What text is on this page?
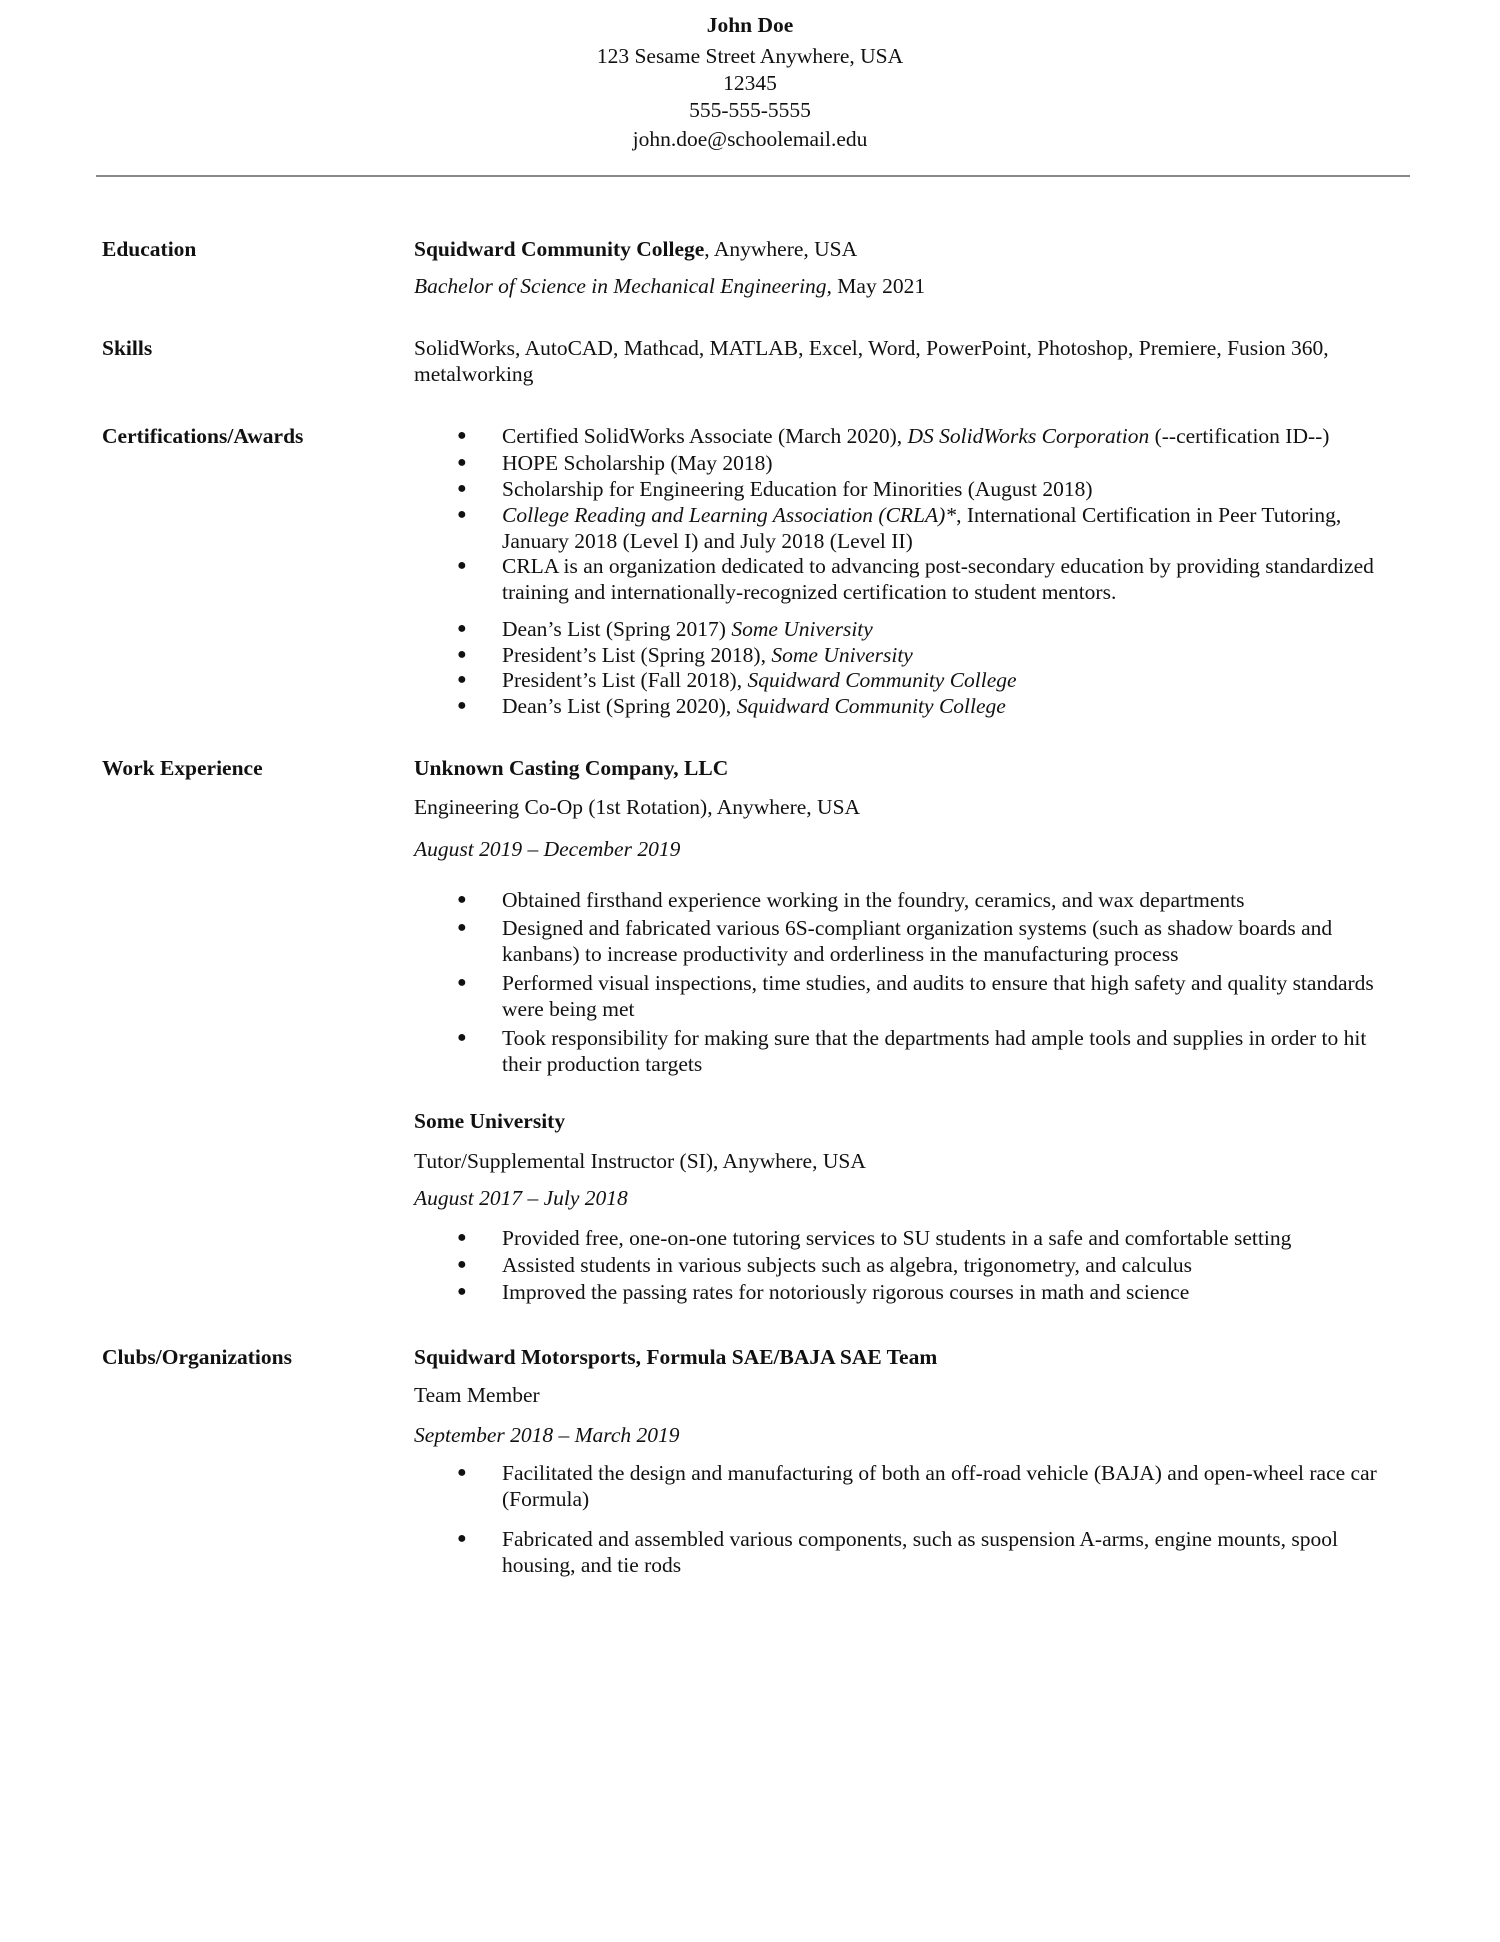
John Doe
123 Sesame Street Anywhere, USA
12345
555-555-5555
john.doe@schoolemail.edu
Education	Squidward Community College, Anywhere, USA
Bachelor of Science in Mechanical Engineering, May 2021
Skills	SolidWorks, AutoCAD, Mathcad, MATLAB, Excel, Word, PowerPoint, Photoshop, Premiere, Fusion 360, metalworking
Certifications/Awards	● Certified SolidWorks Associate (March 2020), DS SolidWorks Corporation (--certification ID--)
● HOPE Scholarship (May 2018)
● Scholarship for Engineering Education for Minorities (August 2018)
● College Reading and Learning Association (CRLA)*, International Certification in Peer Tutoring, January 2018 (Level I) and July 2018 (Level II)
● CRLA is an organization dedicated to advancing post-secondary education by providing standardized training and internationally-recognized certification to student mentors.
● Dean’s List (Spring 2017) Some University
● President’s List (Spring 2018), Some University
● President’s List (Fall 2018), Squidward Community College
● Dean’s List (Spring 2020), Squidward Community College
Work Experience	Unknown Casting Company, LLC
Engineering Co-Op (1st Rotation), Anywhere, USA
August 2019 – December 2019
● Obtained firsthand experience working in the foundry, ceramics, and wax departments
● Designed and fabricated various 6S-compliant organization systems (such as shadow boards and kanbans) to increase productivity and orderliness in the manufacturing process
● Performed visual inspections, time studies, and audits to ensure that high safety and quality standards were being met
● Took responsibility for making sure that the departments had ample tools and supplies in order to hit their production targets
Some University
Tutor/Supplemental Instructor (SI), Anywhere, USA
August 2017 – July 2018
● Provided free, one-on-one tutoring services to SU students in a safe and comfortable setting
● Assisted students in various subjects such as algebra, trigonometry, and calculus
● Improved the passing rates for notoriously rigorous courses in math and science
Clubs/Organizations	Squidward Motorsports, Formula SAE/BAJA SAE Team
Team Member
September 2018 – March 2019
● Facilitated the design and manufacturing of both an off-road vehicle (BAJA) and open-wheel race car (Formula)
● Fabricated and assembled various components, such as suspension A-arms, engine mounts, spool housing, and tie rods
